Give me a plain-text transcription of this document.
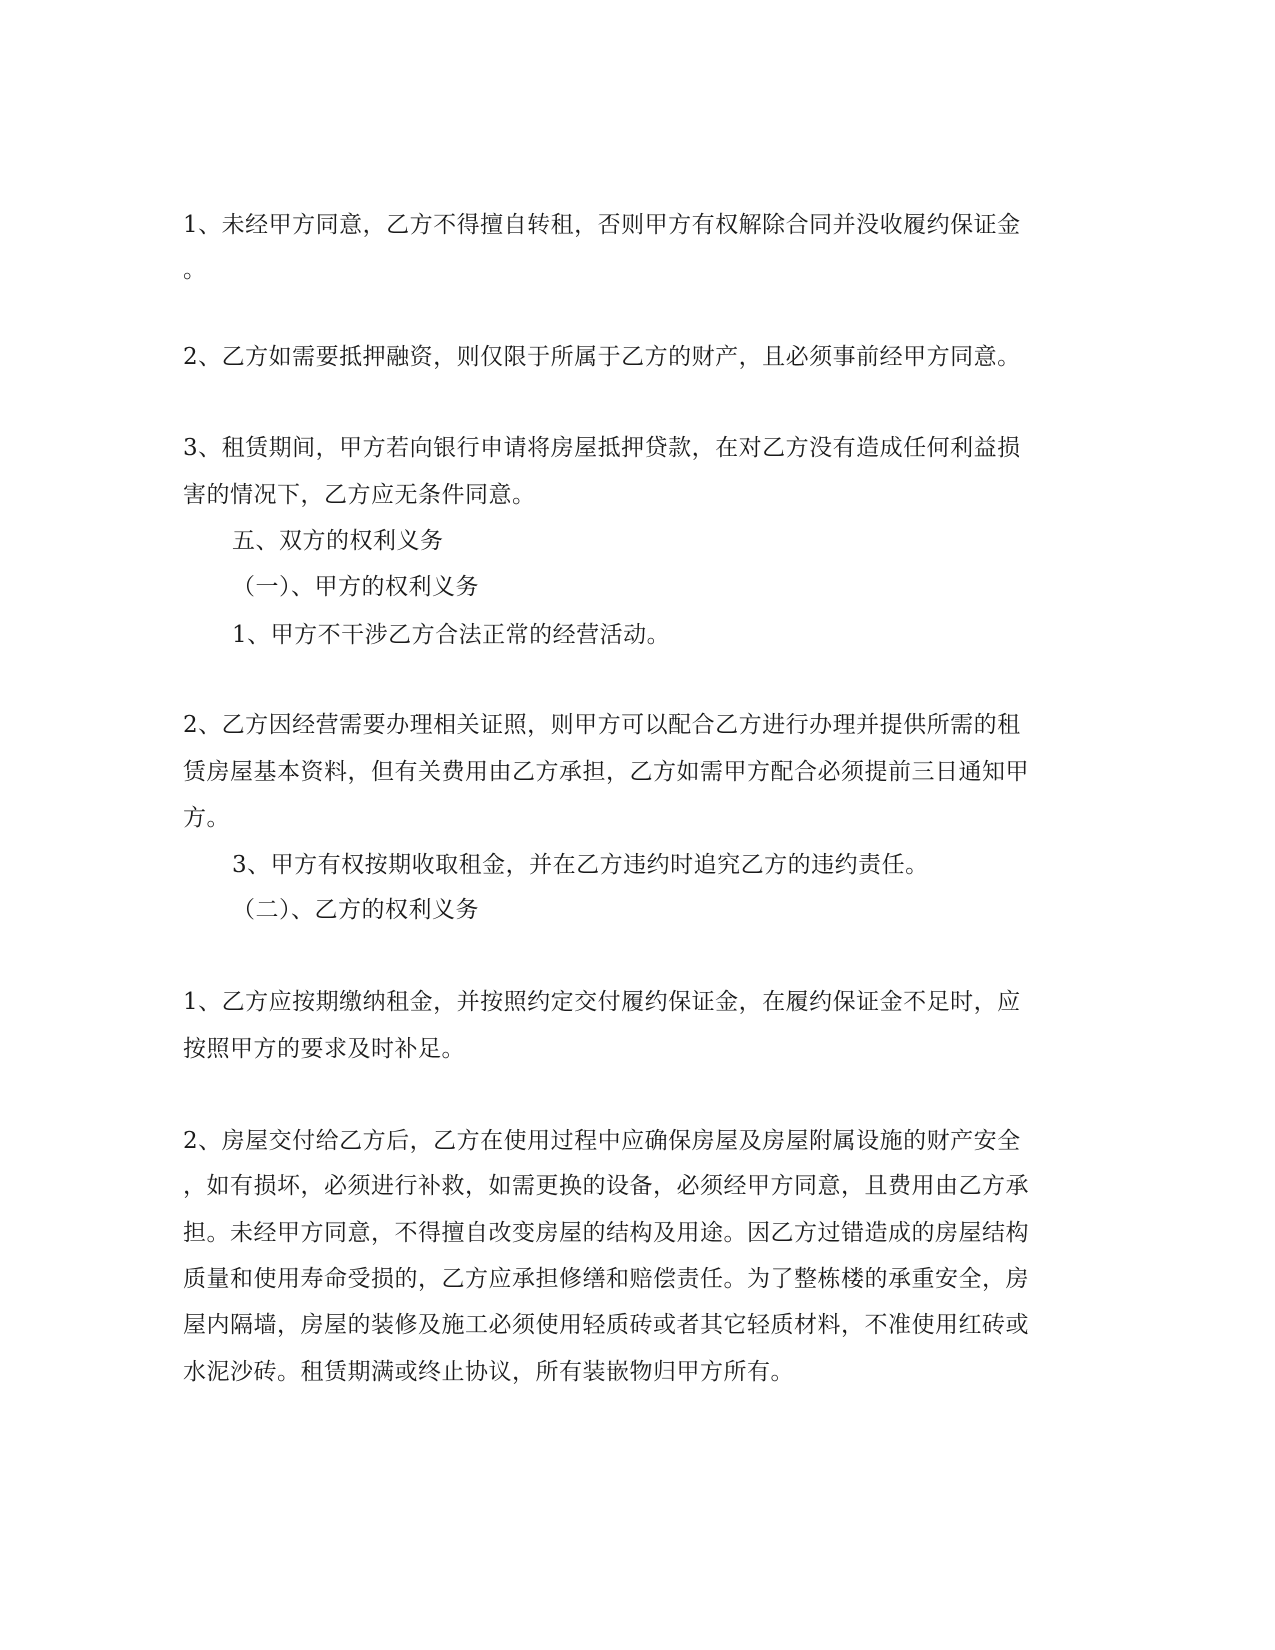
1、未经甲方同意，乙方不得擅自转租，否则甲方有权解除合同并没收履约保证金
。
2、乙方如需要抵押融资，则仅限于所属于乙方的财产，且必须事前经甲方同意。
3、租赁期间，甲方若向银行申请将房屋抵押贷款，在对乙方没有造成任何利益损
害的情况下，乙方应无条件同意。
五、双方的权利义务
（一）、甲方的权利义务
1、甲方不干涉乙方合法正常的经营活动。
2、乙方因经营需要办理相关证照，则甲方可以配合乙方进行办理并提供所需的租
赁房屋基本资料，但有关费用由乙方承担，乙方如需甲方配合必须提前三日通知甲
方。
3、甲方有权按期收取租金，并在乙方违约时追究乙方的违约责任。
（二）、乙方的权利义务
1、乙方应按期缴纳租金，并按照约定交付履约保证金，在履约保证金不足时，应
按照甲方的要求及时补足。
2、房屋交付给乙方后，乙方在使用过程中应确保房屋及房屋附属设施的财产安全
，如有损坏，必须进行补救，如需更换的设备，必须经甲方同意，且费用由乙方承
担。未经甲方同意，不得擅自改变房屋的结构及用途。因乙方过错造成的房屋结构
质量和使用寿命受损的，乙方应承担修缮和赔偿责任。为了整栋楼的承重安全，房
屋内隔墙，房屋的装修及施工必须使用轻质砖或者其它轻质材料，不准使用红砖或
水泥沙砖。租赁期满或终止协议，所有装嵌物归甲方所有。
